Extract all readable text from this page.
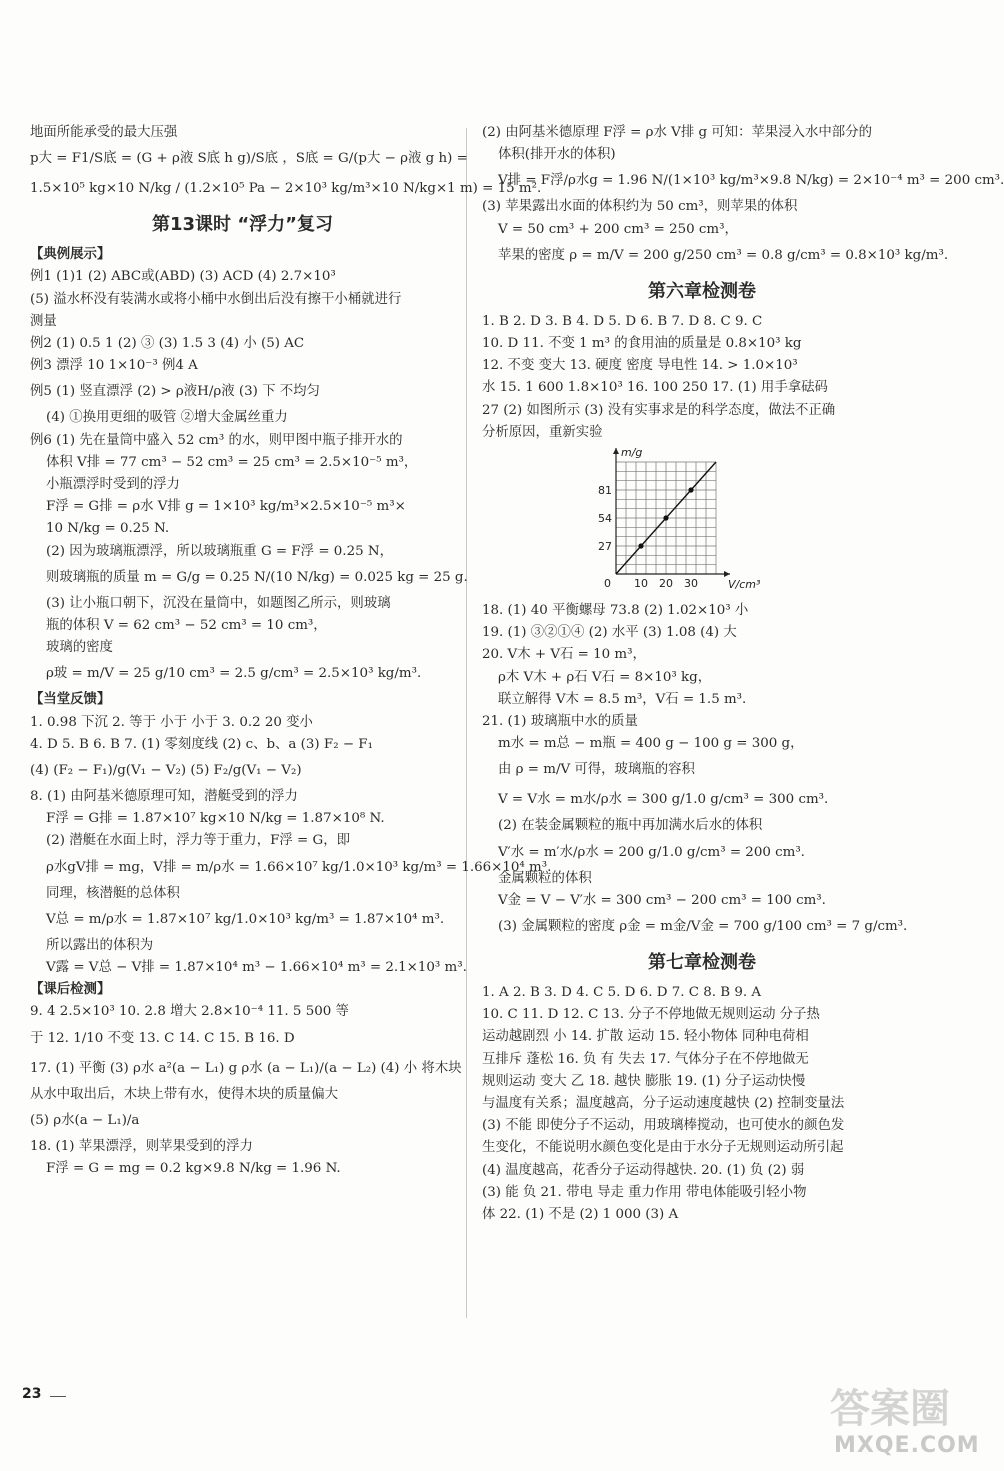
地面所能承受的最大压强
p大 = F1/S底 = (G + ρ液 S底 h g)/S底 ，S底 = G/(p大 − ρ液 g h) =
1.5×10⁵ kg×10 N/kg / (1.2×10⁵ Pa − 2×10³ kg/m³×10 N/kg×1 m) = 15 m².
第13课时 “浮力”复习
【典例展示】
例1 (1)1 (2) ABC或(ABD) (3) ACD (4) 2.7×10³
(5) 溢水杯没有装满水或将小桶中水倒出后没有擦干小桶就进行
测量
例2 (1) 0.5 1 (2) ③ (3) 1.5 3 (4) 小 (5) AC
例3 漂浮 10 1×10⁻³ 例4 A
例5 (1) 竖直漂浮 (2) > ρ液H/ρ液 (3) 下 不均匀
(4) ①换用更细的吸管 ②增大金属丝重力
例6 (1) 先在量筒中盛入 52 cm³ 的水，则甲图中瓶子排开水的
体积 V排 = 77 cm³ − 52 cm³ = 25 cm³ = 2.5×10⁻⁵ m³，
小瓶漂浮时受到的浮力
F浮 = G排 = ρ水 V排 g = 1×10³ kg/m³×2.5×10⁻⁵ m³×
10 N/kg = 0.25 N.
(2) 因为玻璃瓶漂浮，所以玻璃瓶重 G = F浮 = 0.25 N，
则玻璃瓶的质量 m = G/g = 0.25 N/(10 N/kg) = 0.025 kg = 25 g.
(3) 让小瓶口朝下，沉没在量筒中，如题图乙所示，则玻璃
瓶的体积 V = 62 cm³ − 52 cm³ = 10 cm³，
玻璃的密度
ρ玻 = m/V = 25 g/10 cm³ = 2.5 g/cm³ = 2.5×10³ kg/m³.
【当堂反馈】
1. 0.98 下沉 2. 等于 小于 小于 3. 0.2 20 变小
4. D 5. B 6. B 7. (1) 零刻度线 (2) c、b、a (3) F₂ − F₁
(4) (F₂ − F₁)/g(V₁ − V₂) (5) F₂/g(V₁ − V₂)
8. (1) 由阿基米德原理可知，潜艇受到的浮力
F浮 = G排 = 1.87×10⁷ kg×10 N/kg = 1.87×10⁸ N.
(2) 潜艇在水面上时，浮力等于重力，F浮 = G，即
ρ水gV排 = mg，V排 = m/ρ水 = 1.66×10⁷ kg/1.0×10³ kg/m³ = 1.66×10⁴ m³.
同理，核潜艇的总体积
V总 = m/ρ水 = 1.87×10⁷ kg/1.0×10³ kg/m³ = 1.87×10⁴ m³.
所以露出的体积为
V露 = V总 − V排 = 1.87×10⁴ m³ − 1.66×10⁴ m³ = 2.1×10³ m³.
【课后检测】
9. 4 2.5×10³ 10. 2.8 增大 2.8×10⁻⁴ 11. 5 500 等
于 12. 1/10 不变 13. C 14. C 15. B 16. D
17. (1) 平衡 (3) ρ水 a²(a − L₁) g ρ水 (a − L₁)/(a − L₂) (4) 小 将木块
从水中取出后，木块上带有水，使得木块的质量偏大
(5) ρ水(a − L₁)/a
18. (1) 苹果漂浮，则苹果受到的浮力
F浮 = G = mg = 0.2 kg×9.8 N/kg = 1.96 N.
(2) 由阿基米德原理 F浮 = ρ水 V排 g 可知：苹果浸入水中部分的
体积(排开水的体积)
V排 = F浮/ρ水g = 1.96 N/(1×10³ kg/m³×9.8 N/kg) = 2×10⁻⁴ m³ = 200 cm³.
(3) 苹果露出水面的体积约为 50 cm³，则苹果的体积
V = 50 cm³ + 200 cm³ = 250 cm³，
苹果的密度 ρ = m/V = 200 g/250 cm³ = 0.8 g/cm³ = 0.8×10³ kg/m³.
第六章检测卷
1. B 2. D 3. B 4. D 5. D 6. B 7. D 8. C 9. C
10. D 11. 不变 1 m³ 的食用油的质量是 0.8×10³ kg
12. 不变 变大 13. 硬度 密度 导电性 14. > 1.0×10³
水 15. 1 600 1.8×10³ 16. 100 250 17. (1) 用手拿砝码
27 (2) 如图所示 (3) 没有实事求是的科学态度，做法不正确
分析原因，重新实验
m/g
V/cm³
0 10 20 30
27
54
81
18. (1) 40 平衡螺母 73.8 (2) 1.02×10³ 小
19. (1) ③②①④ (2) 水平 (3) 1.08 (4) 大
20. V木 + V石 = 10 m³，
ρ木 V木 + ρ石 V石 = 8×10³ kg，
联立解得 V木 = 8.5 m³，V石 = 1.5 m³.
21. (1) 玻璃瓶中水的质量
m水 = m总 − m瓶 = 400 g − 100 g = 300 g，
由 ρ = m/V 可得，玻璃瓶的容积
V = V水 = m水/ρ水 = 300 g/1.0 g/cm³ = 300 cm³.
(2) 在装金属颗粒的瓶中再加满水后水的体积
V′水 = m′水/ρ水 = 200 g/1.0 g/cm³ = 200 cm³.
金属颗粒的体积
V金 = V − V′水 = 300 cm³ − 200 cm³ = 100 cm³.
(3) 金属颗粒的密度 ρ金 = m金/V金 = 700 g/100 cm³ = 7 g/cm³.
第七章检测卷
1. A 2. B 3. D 4. C 5. D 6. D 7. C 8. B 9. A
10. C 11. D 12. C 13. 分子不停地做无规则运动 分子热
运动越剧烈 小 14. 扩散 运动 15. 轻小物体 同种电荷相
互排斥 蓬松 16. 负 有 失去 17. 气体分子在不停地做无
规则运动 变大 乙 18. 越快 膨胀 19. (1) 分子运动快慢
与温度有关系；温度越高，分子运动速度越快 (2) 控制变量法
(3) 不能 即使分子不运动，用玻璃棒搅动，也可使水的颜色发
生变化，不能说明水颜色变化是由于水分子无规则运动所引起
(4) 温度越高，花香分子运动得越快. 20. (1) 负 (2) 弱
(3) 能 负 21. 带电 导走 重力作用 带电体能吸引轻小物
体 22. (1) 不是 (2) 1 000 (3) A
23	答案圈
MXQE.COM
